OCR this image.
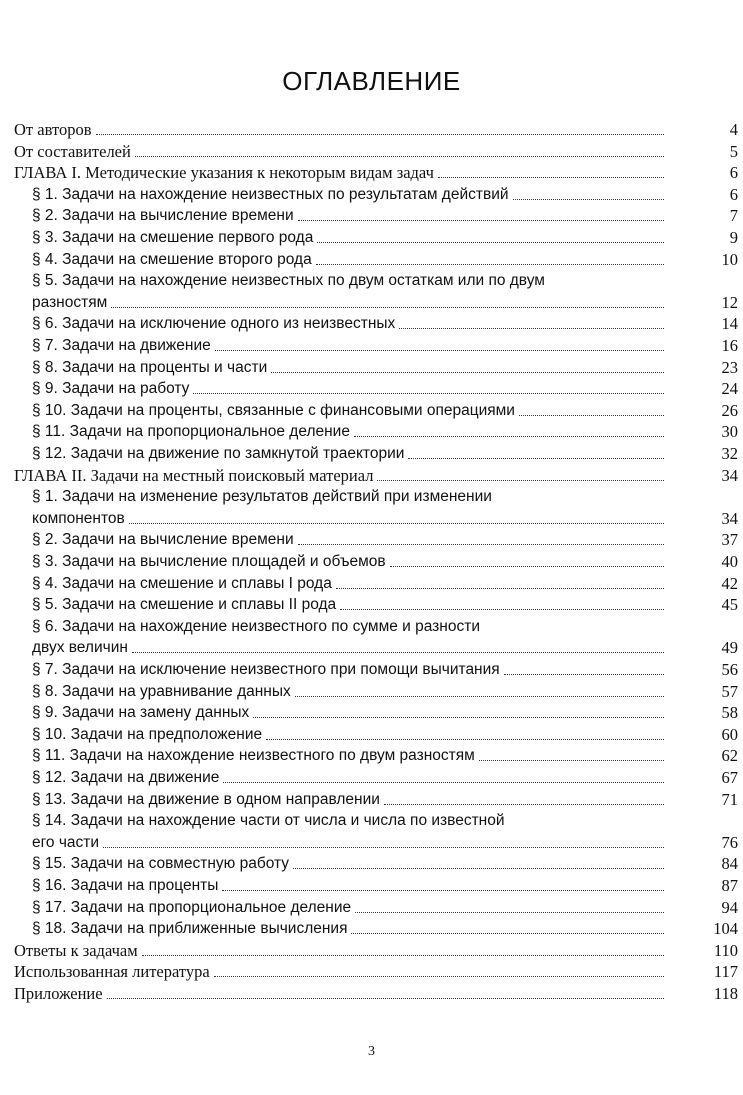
ОГЛАВЛЕНИЕ
От авторов	4
От составителей	5
ГЛАВА I. Методические указания к некоторым видам задач	6
§ 1. Задачи на нахождение неизвестных по результатам действий	6
§ 2. Задачи на вычисление времени	7
§ 3. Задачи на смешение первого рода	9
§ 4. Задачи на смешение второго рода	10
§ 5. Задачи на нахождение неизвестных по двум остаткам или по двум
разностям	12
§ 6. Задачи на исключение одного из неизвестных	14
§ 7. Задачи на движение	16
§ 8. Задачи на проценты и части	23
§ 9. Задачи на работу	24
§ 10. Задачи на проценты, связанные с финансовыми операциями	26
§ 11. Задачи на пропорциональное деление	30
§ 12. Задачи на движение по замкнутой траектории	32
ГЛАВА II. Задачи на местный поисковый материал	34
§ 1. Задачи на изменение результатов действий при изменении
компонентов	34
§ 2. Задачи на вычисление времени	37
§ 3. Задачи на вычисление площадей и объемов	40
§ 4. Задачи на смешение и сплавы I рода	42
§ 5. Задачи на смешение и сплавы II рода	45
§ 6. Задачи на нахождение неизвестного по сумме и разности
двух величин	49
§ 7. Задачи на исключение неизвестного при помощи вычитания	56
§ 8. Задачи на уравнивание данных	57
§ 9. Задачи на замену данных	58
§ 10. Задачи на предположение	60
§ 11. Задачи на нахождение неизвестного по двум разностям	62
§ 12. Задачи на движение	67
§ 13. Задачи на движение в одном направлении	71
§ 14. Задачи на нахождение части от числа и числа по известной
его части	76
§ 15. Задачи на совместную работу	84
§ 16. Задачи на проценты	87
§ 17. Задачи на пропорциональное деление	94
§ 18. Задачи на приближенные вычисления	104
Ответы к задачам	110
Использованная литература	117
Приложение	118
3
